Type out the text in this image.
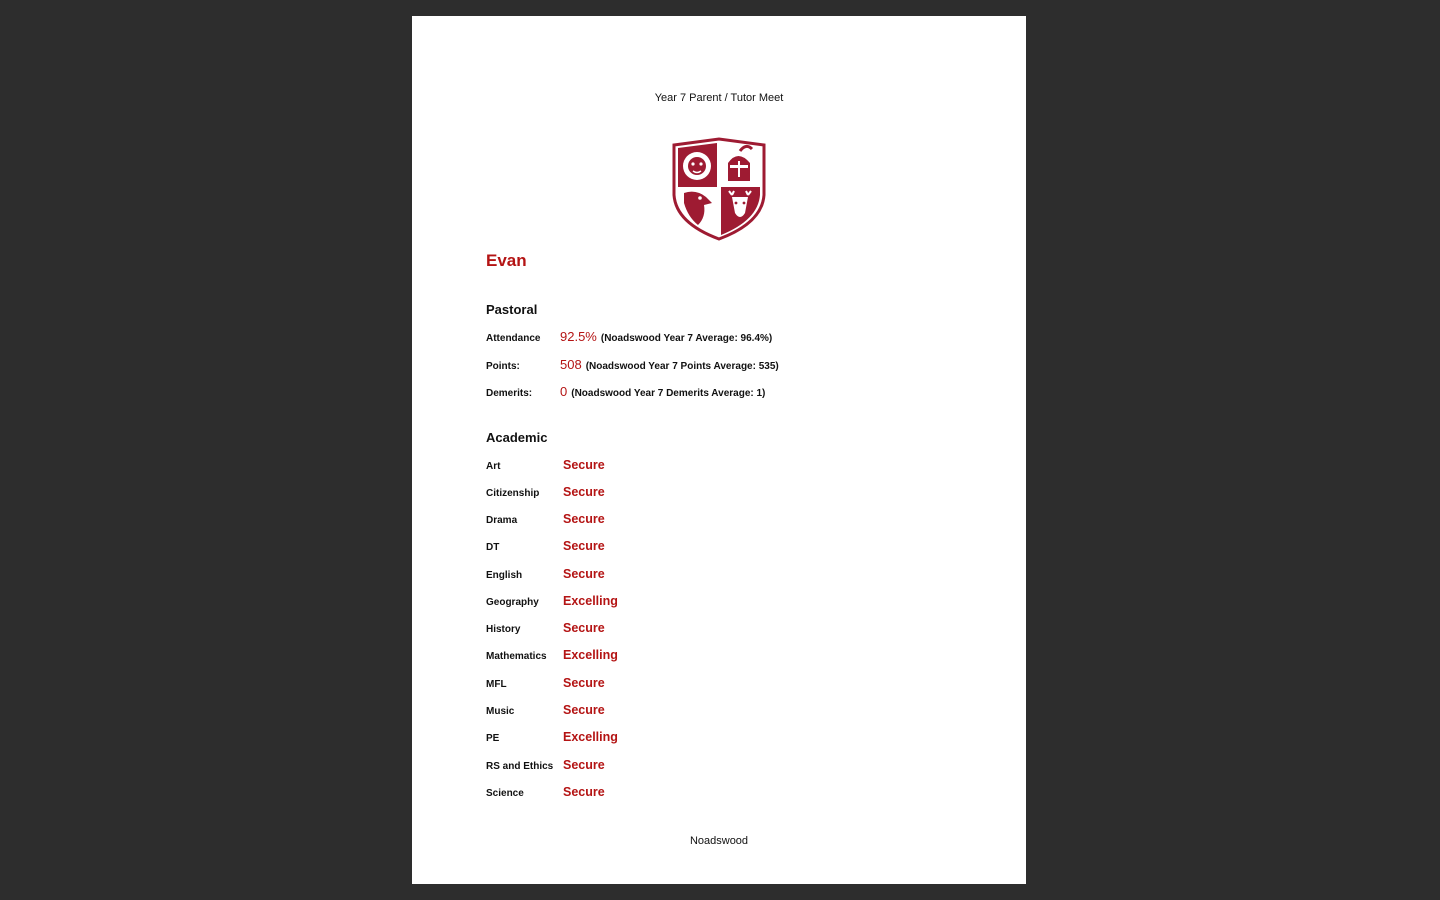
Year 7 Parent / Tutor Meet
Evan
Pastoral
Attendance	92.5% (Noadswood Year 7 Average: 96.4%)
Points:	508 (Noadswood Year 7 Points Average: 535)
Demerits:	0 (Noadswood Year 7 Demerits Average: 1)
Academic
Art	Secure
Citizenship	Secure
Drama	Secure
DT	Secure
English	Secure
Geography	Excelling
History	Secure
Mathematics	Excelling
MFL	Secure
Music	Secure
PE	Excelling
RS and Ethics Secure
Science	Secure
Noadswood
